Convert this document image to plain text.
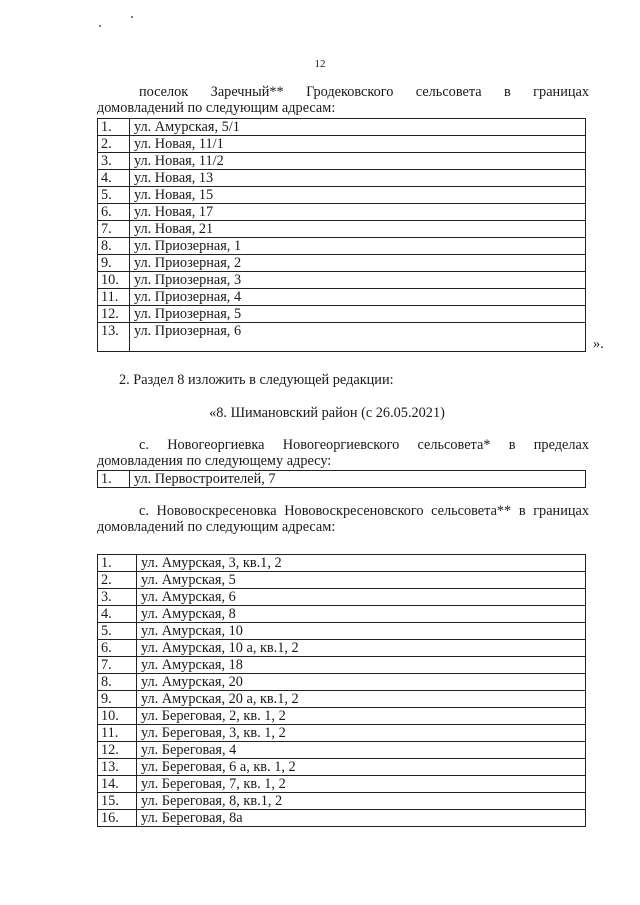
12
поселок Заречный** Гродековского сельсовета в границах
домовладений по следующим адресам:
1.	ул. Амурская, 5/1
2.	ул. Новая, 11/1
3.	ул. Новая, 11/2
4.	ул. Новая, 13
5.	ул. Новая, 15
6.	ул. Новая, 17
7.	ул. Новая, 21
8.	ул. Приозерная, 1
9.	ул. Приозерная, 2
10.	ул. Приозерная, 3
11.	ул. Приозерная, 4
12.	ул. Приозерная, 5
13.	ул. Приозерная, 6
».
2. Раздел 8 изложить в следующей редакции:
«8. Шимановский район (с 26.05.2021)
с. Новогеоргиевка Новогеоргиевского сельсовета* в пределах
домовладения по следующему адресу:
1.	ул. Первостроителей, 7
с. Нововоскресеновка Нововоскресеновского сельсовета** в границах
домовладений по следующим адресам:
1.	ул. Амурская, 3, кв.1, 2
2.	ул. Амурская, 5
3.	ул. Амурская, 6
4.	ул. Амурская, 8
5.	ул. Амурская, 10
6.	ул. Амурская, 10 а, кв.1, 2
7.	ул. Амурская, 18
8.	ул. Амурская, 20
9.	ул. Амурская, 20 а, кв.1, 2
10.	ул. Береговая, 2, кв. 1, 2
11.	ул. Береговая, 3, кв. 1, 2
12.	ул. Береговая, 4
13.	ул. Береговая, 6 а, кв. 1, 2
14.	ул. Береговая, 7, кв. 1, 2
15.	ул. Береговая, 8, кв.1, 2
16.	ул. Береговая, 8а
